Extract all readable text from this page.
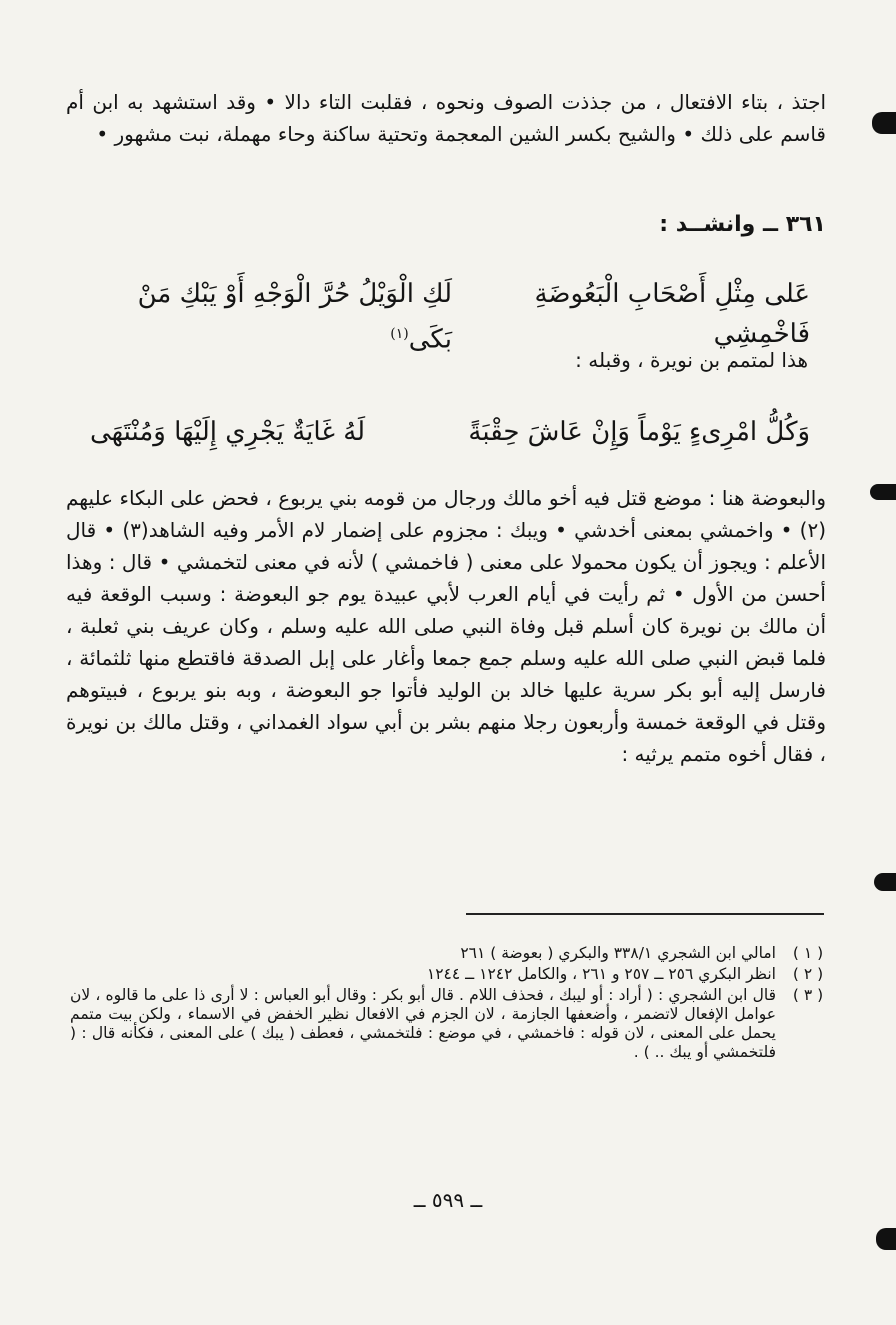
اجتذ ، بتاء الافتعال ، من جذذت الصوف ونحوه ، فقلبت التاء دالا • وقد استشهد به ابن أم قاسم على ذلك • والشيح بكسر الشين المعجمة وتحتية ساكنة وحاء مهملة، نبت مشهور •

٣٦١ ــ وانشــد :
عَلى مِثْلِ أَصْحَابِ الْبَعُوضَةِ فَاخْمِشِي
لَكِ الْوَيْلُ حُرَّ الْوَجْهِ أَوْ يَبْكِ مَنْ بَكَى$^{(١)}$
هذا لمتمم بن نويرة ، وقبله :
وَكُلُّ امْرِىءٍ يَوْماً وَإِنْ عَاشَ حِقْبَةً
لَهُ غَايَةٌ يَجْرِي إِلَيْهَا وَمُنْتَهَى

والبعوضة هنا : موضع قتل فيه أخو مالك ورجال من قومه بني يربوع ، فحض على البكاء عليهم (٢) • واخمشي بمعنى أخدشي • ويبك : مجزوم على إضمار لام الأمر وفيه الشاهد(٣) • قال الأعلم : ويجوز أن يكون محمولا على معنى ( فاخمشي ) لأنه في معنى لتخمشي • قال : وهذا أحسن من الأول • ثم رأيت في أيام العرب لأبي عبيدة يوم جو البعوضة : وسبب الوقعة فيه أن مالك بن نويرة كان أسلم قبل وفاة النبي صلى الله عليه وسلم ، وكان عريف بني ثعلبة ، فلما قبض النبي صلى الله عليه وسلم جمع جمعا وأغار على إبل الصدقة فاقتطع منها ثلثمائة ، فارسل إليه أبو بكر سرية عليها خالد بن الوليد فأتوا جو البعوضة ، وبه بنو يربوع ، فبيتوهم وقتل في الوقعة خمسة وأربعون رجلا منهم بشر بن أبي سواد الغمداني ، وقتل مالك بن نويرة ، فقال أخوه متمم يرثيه :

( ١ )
امالي ابن الشجري ٣٣٨/١ والبكري ( بعوضة ) ٢٦١
( ٢ )
انظر البكري ٢٥٦ ــ ٢٥٧ و ٢٦١ ، والكامل ١٢٤٢ ــ ١٢٤٤
( ٣ )
قال ابن الشجري : ( أراد : أو ليبك ، فحذف اللام . قال أبو بكر : وقال أبو العباس : لا أرى ذا على ما قالوه ، لان عوامل الإفعال لاتضمر ، وأضعفها الجازمة ، لان الجزم في الافعال نظير الخفض في الاسماء ، ولكن بيت متمم يحمل على المعنى ، لان قوله : فاخمشي ، في موضع : فلتخمشي ، فعطف ( يبك ) على المعنى ، فكأنه قال : ( فلتخمشي أو يبك .. ) .
ــ ٥٩٩ ــ
